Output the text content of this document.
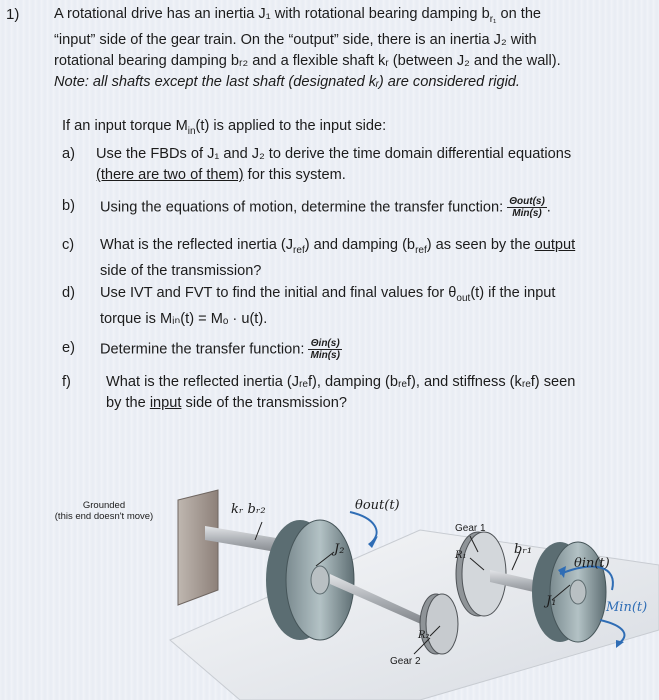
1) A rotational drive has an inertia J₁ with rotational bearing damping $b_{r_1}$ on the
“input” side of the gear train. On the “output” side, there is an inertia J₂ with
rotational bearing damping bᵣ₂ and a flexible shaft kᵣ (between J₂ and the wall).
Note: all shafts except the last shaft (designated kᵣ) are considered rigid.
If an input torque $M_{in}(t)$ is applied to the input side:
a) Use the FBDs of J₁ and J₂ to derive the time domain differential equations
(there are two of them) for this system.
b) Using the equations of motion, determine the transfer function: $\frac{\text{Θout(s)}}{\text{Min(s)}}$ .
c) What is the reflected inertia $(J_{ref})$ and damping $(b_{ref})$ as seen by the output
side of the transmission?
d) Use IVT and FVT to find the initial and final values for $\theta_{out}(t)$ if the input
torque is Mᵢₙ(t) = Mₒ · u(t).
e) Determine the transfer function: $\frac{\text{Θin(s)}}{\text{Min(s)}}$
f) What is the reflected inertia (Jᵣₑf), damping (bᵣₑf), and stiffness (kᵣₑf) seen
by the input side of the transmission?
Grounded
(this end doesn't move)	kᵣ bᵣ₂	θout(t)
J₂
Gear 1
bᵣ₁
R₁
θin(t)
J₁	Min(t)
R₂
Gear 2
